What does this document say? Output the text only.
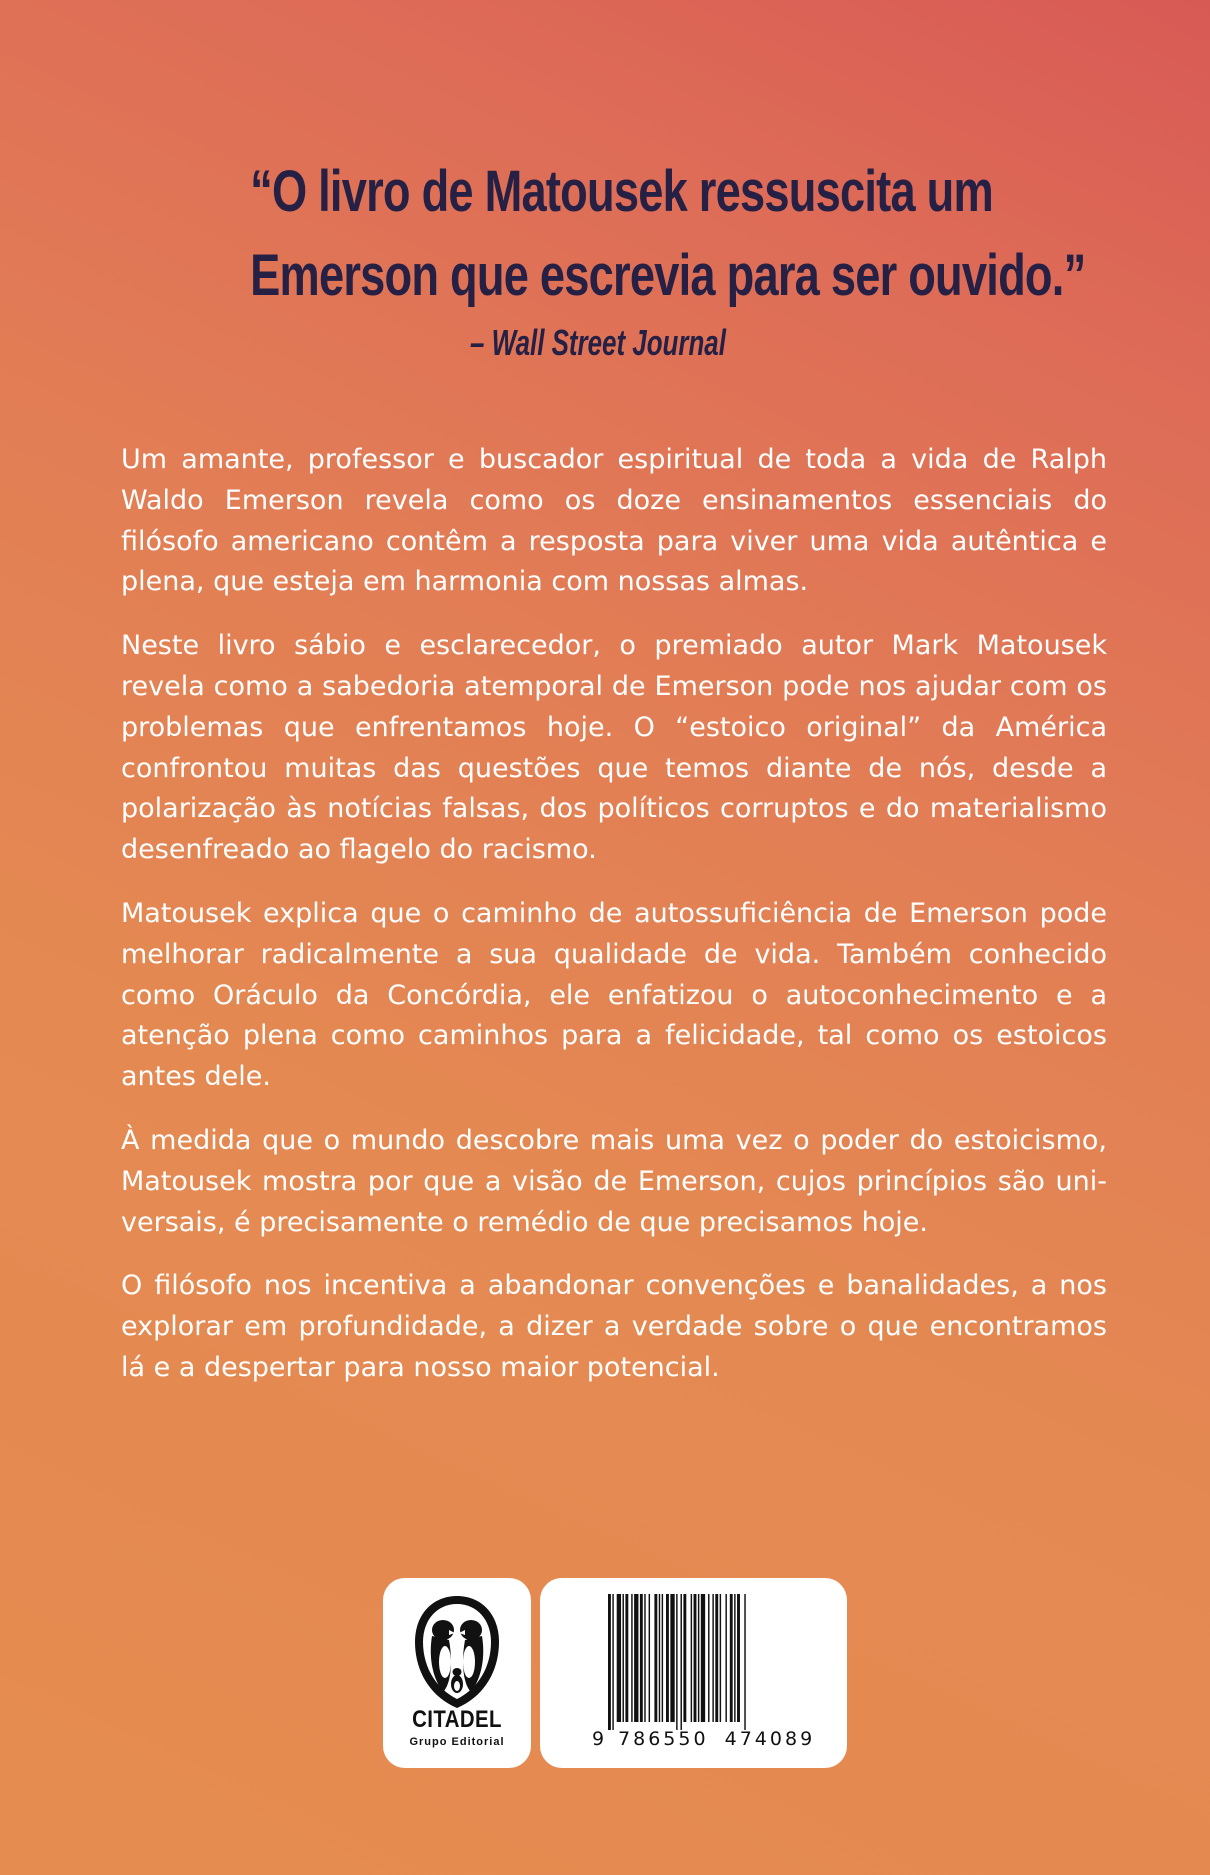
“O livro de Matousek ressuscita um
Emerson que escrevia para ser ouvido.”
– Wall Street Journal

Um amante, professor e buscador espiritual de toda a vida de Ralph Waldo Emerson revela como os doze ensinamentos essenciais do filósofo americano contêm a resposta para viver uma vida autêntica e plena, que esteja em harmonia com nossas almas.

Neste livro sábio e esclarecedor, o premiado autor Mark Matousek revela como a sabedoria atemporal de Emerson pode nos ajudar com os problemas que enfrentamos hoje. O “estoico original” da América confrontou muitas das questões que temos diante de nós, desde a polarização às notícias falsas, dos políticos corruptos e do materialismo desenfreado ao flagelo do racismo.

Matousek explica que o caminho de autossuficiência de Emerson pode melhorar radicalmente a sua qualidade de vida. Também conhecido como Oráculo da Concórdia, ele enfatizou o autoconhecimento e a atenção plena como caminhos para a felicidade, tal como os estoicos antes dele.

À medida que o mundo descobre mais uma vez o poder do estoicismo, Matousek mostra por que a visão de Emerson, cujos princípios são universais, é precisamente o remédio de que precisamos hoje.

O filósofo nos incentiva a abandonar convenções e banalidades, a nos explorar em profundidade, a dizer a verdade sobre o que encontramos lá e a despertar para nosso maior potencial.

CITADEL
Grupo Editorial	9 786550 474089
